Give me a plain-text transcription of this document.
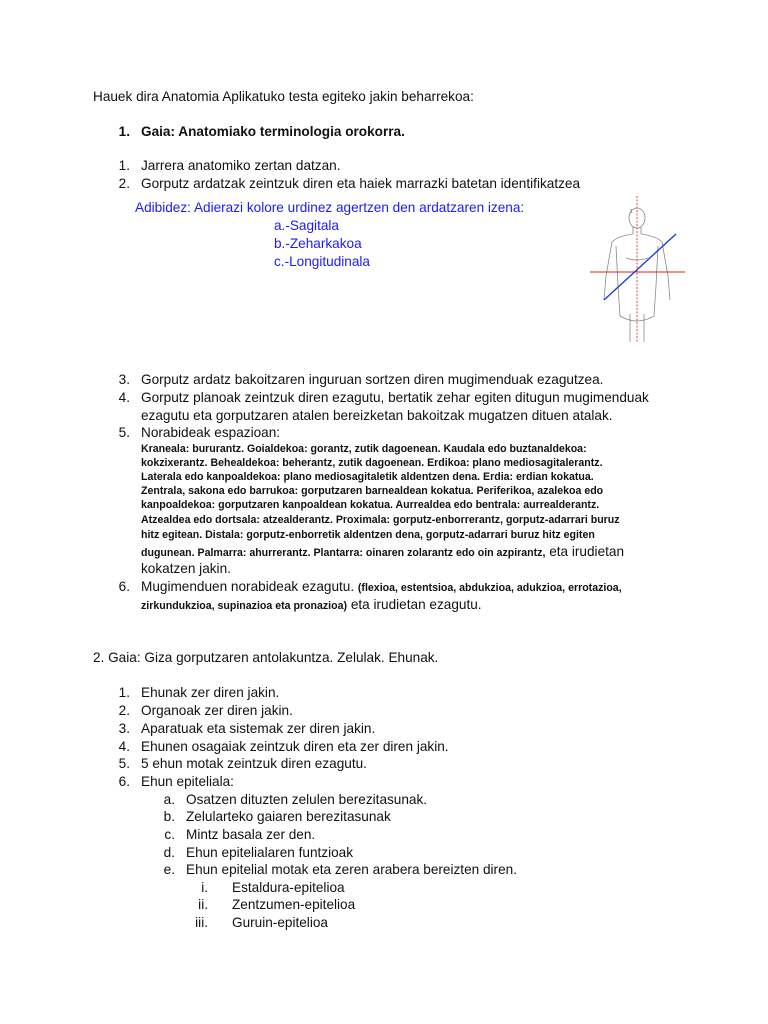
Hauek dira Anatomia Aplikatuko testa egiteko jakin beharrekoa:
1. Gaia: Anatomiako terminologia orokorra.
1. Jarrera anatomiko zertan datzan.
2. Gorputz ardatzak zeintzuk diren eta haiek marrazki batetan identifikatzea
Adibidez: Adierazi kolore urdinez agertzen den ardatzaren izena:
a.-Sagitala
b.-Zeharkakoa
c.-Longitudinala
1
3. Gorputz ardatz bakoitzaren inguruan sortzen diren mugimenduak ezagutzea.
4. Gorputz planoak zeintzuk diren ezagutu, bertatik zehar egiten ditugun mugimenduak
ezagutu eta gorputzaren atalen bereizketan bakoitzak mugatzen dituen atalak.
5. Norabideak espazioan:
Kraneala: bururantz. Goialdekoa: gorantz, zutik dagoenean. Kaudala edo buztanaldekoa:
kokzixerantz. Behealdekoa: beherantz, zutik dagoenean. Erdikoa: plano mediosagitalerantz.
Laterala edo kanpoaldekoa: plano mediosagitaletik aldentzen dena. Erdia: erdian kokatua.
Zentrala, sakona edo barrukoa: gorputzaren barnealdean kokatua. Periferikoa, azalekoa edo
kanpoaldekoa: gorputzaren kanpoaldean kokatua. Aurrealdea edo bentrala: aurrealderantz.
Atzealdea edo dortsala: atzealderantz. Proximala: gorputz-enborrerantz, gorputz-adarrari buruz
hitz egitean. Distala: gorputz-enborretik aldentzen dena, gorputz-adarrari buruz hitz egiten
dugunean. Palmarra: ahurrerantz. Plantarra: oinaren zolarantz edo oin azpirantz, eta irudietan
kokatzen jakin.
6. Mugimenduen norabideak ezagutu. (flexioa, estentsioa, abdukzioa, adukzioa, errotazioa,
zirkundukzioa, supinazioa eta pronazioa) eta irudietan ezagutu.
2. Gaia: Giza gorputzaren antolakuntza. Zelulak. Ehunak.
1. Ehunak zer diren jakin.
2. Organoak zer diren jakin.
3. Aparatuak eta sistemak zer diren jakin.
4. Ehunen osagaiak zeintzuk diren eta zer diren jakin.
5. 5 ehun motak zeintzuk diren ezagutu.
6. Ehun epiteliala:
a. Osatzen dituzten zelulen berezitasunak.
b. Zelularteko gaiaren berezitasunak
c. Mintz basala zer den.
d. Ehun epitelialaren funtzioak
e. Ehun epitelial motak eta zeren arabera bereizten diren.
i. Estaldura-epitelioa
ii. Zentzumen-epitelioa
iii. Guruin-epitelioa
